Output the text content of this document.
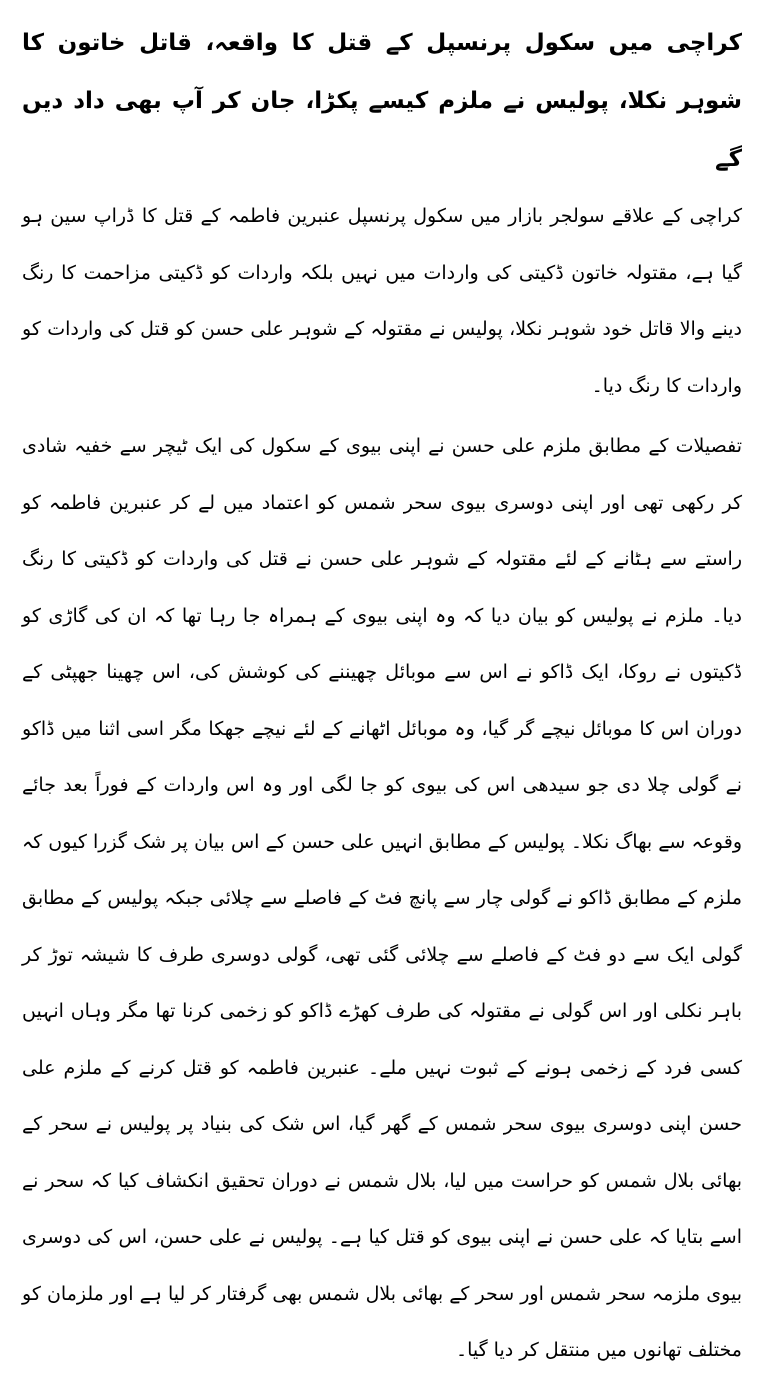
کراچی میں سکول پرنسپل کے قتل کا واقعہ، قاتل خاتون کا شوہر نکلا، پولیس نے ملزم کیسے پکڑا، جان کر آپ بھی داد دیں گے

کراچی کے علاقے سولجر بازار میں سکول پرنسپل عنبرین فاطمہ کے قتل کا ڈراپ سین ہو گیا ہے، مقتولہ خاتون ڈکیتی کی واردات میں نہیں بلکہ واردات کو ڈکیتی مزاحمت کا رنگ دینے والا قاتل خود شوہر نکلا، پولیس نے مقتولہ کے شوہر علی حسن کو قتل کی واردات کو واردات کا رنگ دیا۔

تفصیلات کے مطابق ملزم علی حسن نے اپنی بیوی کے سکول کی ایک ٹیچر سے خفیہ شادی کر رکھی تھی اور اپنی دوسری بیوی سحر شمس کو اعتماد میں لے کر عنبرین فاطمہ کو راستے سے ہٹانے کے لئے مقتولہ کے شوہر علی حسن نے قتل کی واردات کو ڈکیتی کا رنگ دیا۔ ملزم نے پولیس کو بیان دیا کہ وہ اپنی بیوی کے ہمراہ جا رہا تھا کہ ان کی گاڑی کو ڈکیتوں نے روکا، ایک ڈاکو نے اس سے موبائل چھیننے کی کوشش کی، اس چھینا جھپٹی کے دوران اس کا موبائل نیچے گر گیا، وہ موبائل اٹھانے کے لئے نیچے جھکا مگر اسی اثنا میں ڈاکو نے گولی چلا دی جو سیدھی اس کی بیوی کو جا لگی اور وہ اس واردات کے فوراً بعد جائے وقوعہ سے بھاگ نکلا۔ پولیس کے مطابق انہیں علی حسن کے اس بیان پر شک گزرا کیوں کہ ملزم کے مطابق ڈاکو نے گولی چار سے پانچ فٹ کے فاصلے سے چلائی جبکہ پولیس کے مطابق گولی ایک سے دو فٹ کے فاصلے سے چلائی گئی تھی، گولی دوسری طرف کا شیشہ توڑ کر باہر نکلی اور اس گولی نے مقتولہ کی طرف کھڑے ڈاکو کو زخمی کرنا تھا مگر وہاں انہیں کسی فرد کے زخمی ہونے کے ثبوت نہیں ملے۔ عنبرین فاطمہ کو قتل کرنے کے ملزم علی حسن اپنی دوسری بیوی سحر شمس کے گھر گیا، اس شک کی بنیاد پر پولیس نے سحر کے بھائی بلال شمس کو حراست میں لیا، بلال شمس نے دوران تحقیق انکشاف کیا کہ سحر نے اسے بتایا کہ علی حسن نے اپنی بیوی کو قتل کیا ہے۔ پولیس نے علی حسن، اس کی دوسری بیوی ملزمہ سحر شمس اور سحر کے بھائی بلال شمس بھی گرفتار کر لیا ہے اور ملزمان کو مختلف تھانوں میں منتقل کر دیا گیا۔
